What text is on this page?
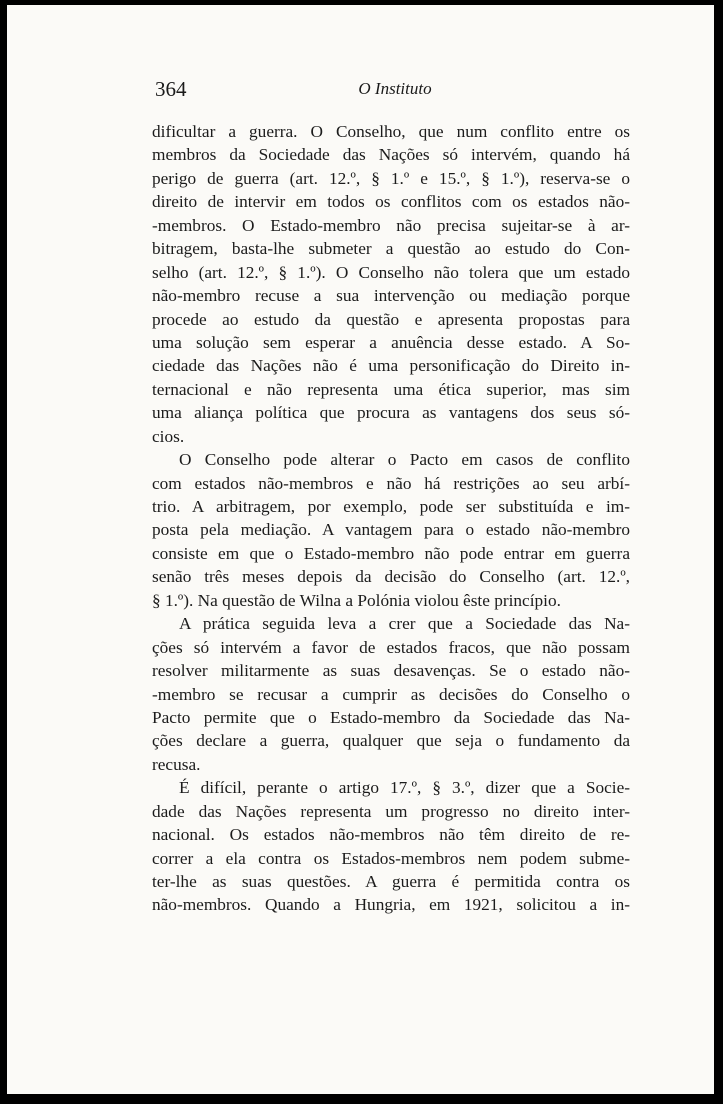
364	O Instituto
dificultar a guerra. O Conselho, que num conflito entre os
membros da Sociedade das Nações só intervém, quando há
perigo de guerra (art. 12.º, § 1.º e 15.º, § 1.º), reserva-se o
direito de intervir em todos os conflitos com os estados não-
-membros. O Estado-membro não precisa sujeitar-se à ar-
bitragem, basta-lhe submeter a questão ao estudo do Con-
selho (art. 12.º, § 1.º). O Conselho não tolera que um estado
não-membro recuse a sua intervenção ou mediação porque
procede ao estudo da questão e apresenta propostas para
uma solução sem esperar a anuência desse estado. A So-
ciedade das Nações não é uma personificação do Direito in-
ternacional e não representa uma ética superior, mas sim
uma aliança política que procura as vantagens dos seus só-
cios.
O Conselho pode alterar o Pacto em casos de conflito
com estados não-membros e não há restrições ao seu arbí-
trio. A arbitragem, por exemplo, pode ser substituída e im-
posta pela mediação. A vantagem para o estado não-membro
consiste em que o Estado-membro não pode entrar em guerra
senão três meses depois da decisão do Conselho (art. 12.º,
§ 1.º). Na questão de Wilna a Polónia violou êste princípio.
A prática seguida leva a crer que a Sociedade das Na-
ções só intervém a favor de estados fracos, que não possam
resolver militarmente as suas desavenças. Se o estado não-
-membro se recusar a cumprir as decisões do Conselho o
Pacto permite que o Estado-membro da Sociedade das Na-
ções declare a guerra, qualquer que seja o fundamento da
recusa.
É difícil, perante o artigo 17.º, § 3.º, dizer que a Socie-
dade das Nações representa um progresso no direito inter-
nacional. Os estados não-membros não têm direito de re-
correr a ela contra os Estados-membros nem podem subme-
ter-lhe as suas questões. A guerra é permitida contra os
não-membros. Quando a Hungria, em 1921, solicitou a in-
